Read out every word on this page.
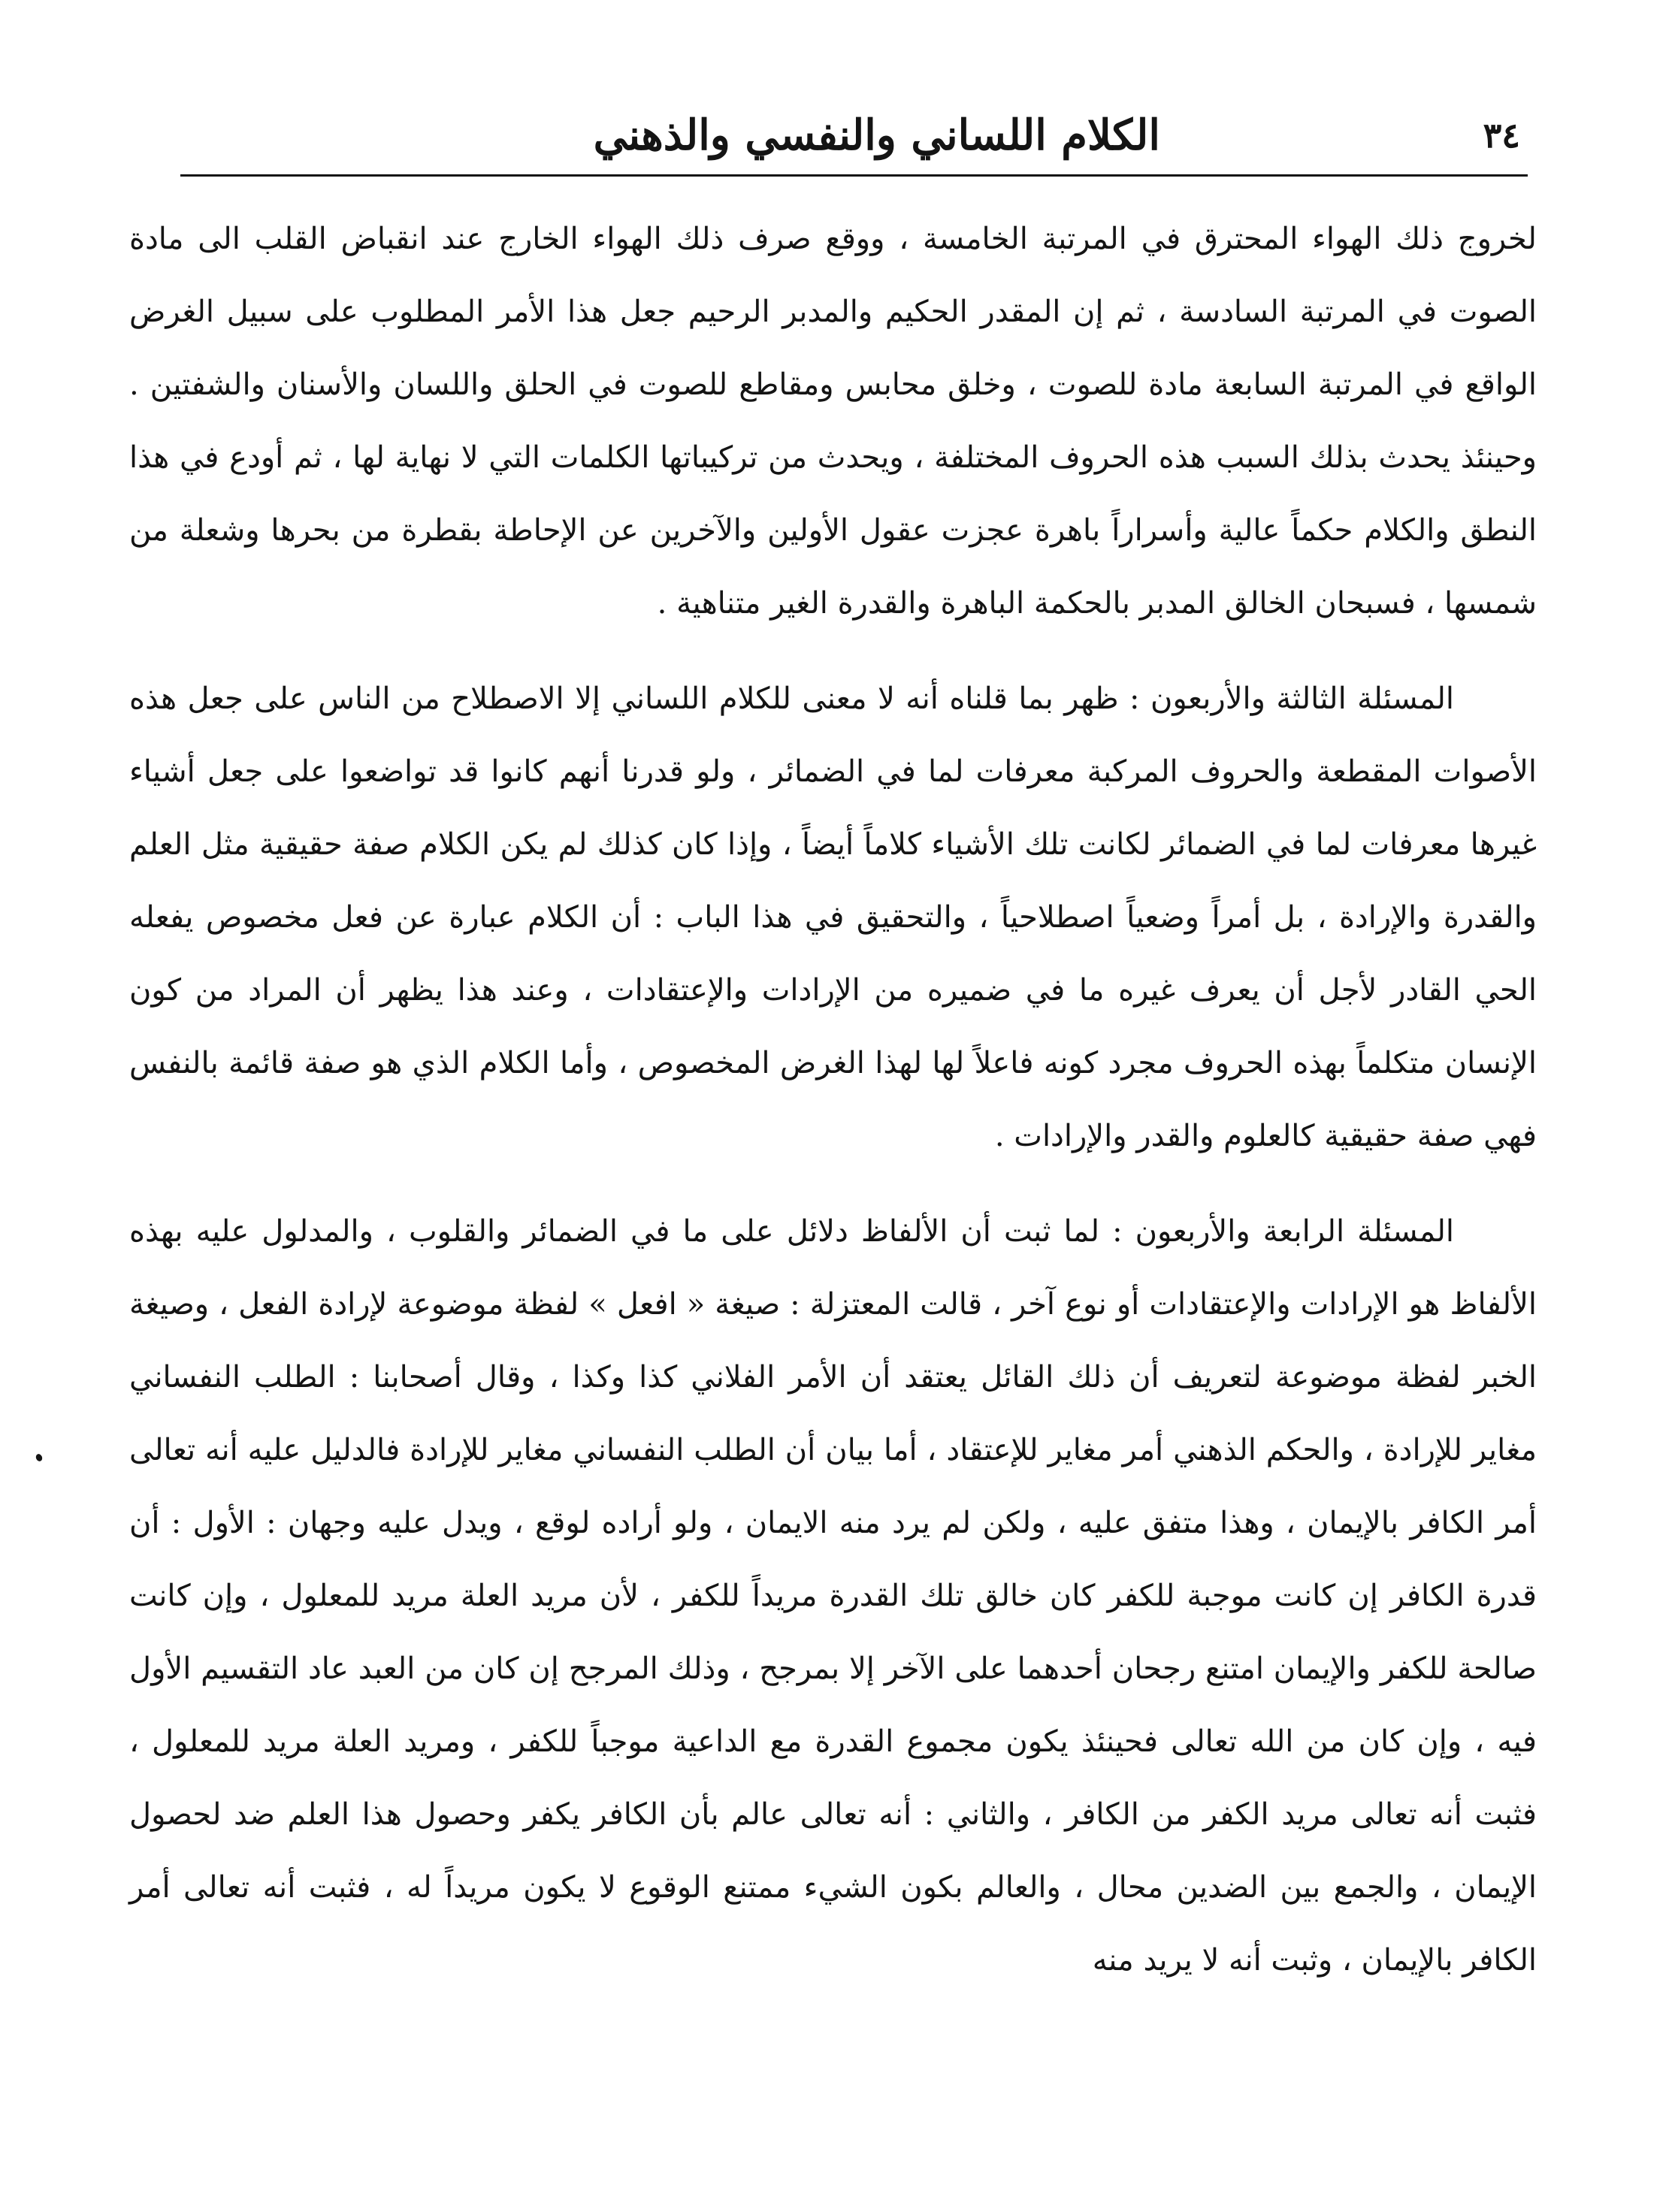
٣٤
الكلام اللساني والنفسي والذهني

لخروج ذلك الهواء المحترق في المرتبة الخامسة ، ووقع صرف ذلك الهواء الخارج عند انقباض القلب الى مادة الصوت في المرتبة السادسة ، ثم إن المقدر الحكيم والمدبر الرحيم جعل هذا الأمر المطلوب على سبيل الغرض الواقع في المرتبة السابعة مادة للصوت ، وخلق محابس ومقاطع للصوت في الحلق واللسان والأسنان والشفتين . وحينئذ يحدث بذلك السبب هذه الحروف المختلفة ، ويحدث من تركيباتها الكلمات التي لا نهاية لها ، ثم أودع في هذا النطق والكلام حكماً عالية وأسراراً باهرة عجزت عقول الأولين والآخرين عن الإحاطة بقطرة من بحرها وشعلة من شمسها ، فسبحان الخالق المدبر بالحكمة الباهرة والقدرة الغير متناهية .

المسئلة الثالثة والأربعون : ظهر بما قلناه أنه لا معنى للكلام اللساني إلا الاصطلاح من الناس على جعل هذه الأصوات المقطعة والحروف المركبة معرفات لما في الضمائر ، ولو قدرنا أنهم كانوا قد تواضعوا على جعل أشياء غيرها معرفات لما في الضمائر لكانت تلك الأشياء كلاماً أيضاً ، وإذا كان كذلك لم يكن الكلام صفة حقيقية مثل العلم والقدرة والإرادة ، بل أمراً وضعياً اصطلاحياً ، والتحقيق في هذا الباب : أن الكلام عبارة عن فعل مخصوص يفعله الحي القادر لأجل أن يعرف غيره ما في ضميره من الإرادات والإعتقادات ، وعند هذا يظهر أن المراد من كون الإنسان متكلماً بهذه الحروف مجرد كونه فاعلاً لها لهذا الغرض المخصوص ، وأما الكلام الذي هو صفة قائمة بالنفس فهي صفة حقيقية كالعلوم والقدر والإرادات .

المسئلة الرابعة والأربعون : لما ثبت أن الألفاظ دلائل على ما في الضمائر والقلوب ، والمدلول عليه بهذه الألفاظ هو الإرادات والإعتقادات أو نوع آخر ، قالت المعتزلة : صيغة « افعل » لفظة موضوعة لإرادة الفعل ، وصيغة الخبر لفظة موضوعة لتعريف أن ذلك القائل يعتقد أن الأمر الفلاني كذا وكذا ، وقال أصحابنا : الطلب النفساني مغاير للإرادة ، والحكم الذهني أمر مغاير للإعتقاد ، أما بيان أن الطلب النفساني مغاير للإرادة فالدليل عليه أنه تعالى أمر الكافر بالإيمان ، وهذا متفق عليه ، ولكن لم يرد منه الايمان ، ولو أراده لوقع ، ويدل عليه وجهان : الأول : أن قدرة الكافر إن كانت موجبة للكفر كان خالق تلك القدرة مريداً للكفر ، لأن مريد العلة مريد للمعلول ، وإن كانت صالحة للكفر والإيمان امتنع رجحان أحدهما على الآخر إلا بمرجح ، وذلك المرجح إن كان من العبد عاد التقسيم الأول فيه ، وإن كان من الله تعالى فحينئذ يكون مجموع القدرة مع الداعية موجباً للكفر ، ومريد العلة مريد للمعلول ، فثبت أنه تعالى مريد الكفر من الكافر ، والثاني : أنه تعالى عالم بأن الكافر يكفر وحصول هذا العلم ضد لحصول الإيمان ، والجمع بين الضدين محال ، والعالم بكون الشيء ممتنع الوقوع لا يكون مريداً له ، فثبت أنه تعالى أمر الكافر بالإيمان ، وثبت أنه لا يريد منه
